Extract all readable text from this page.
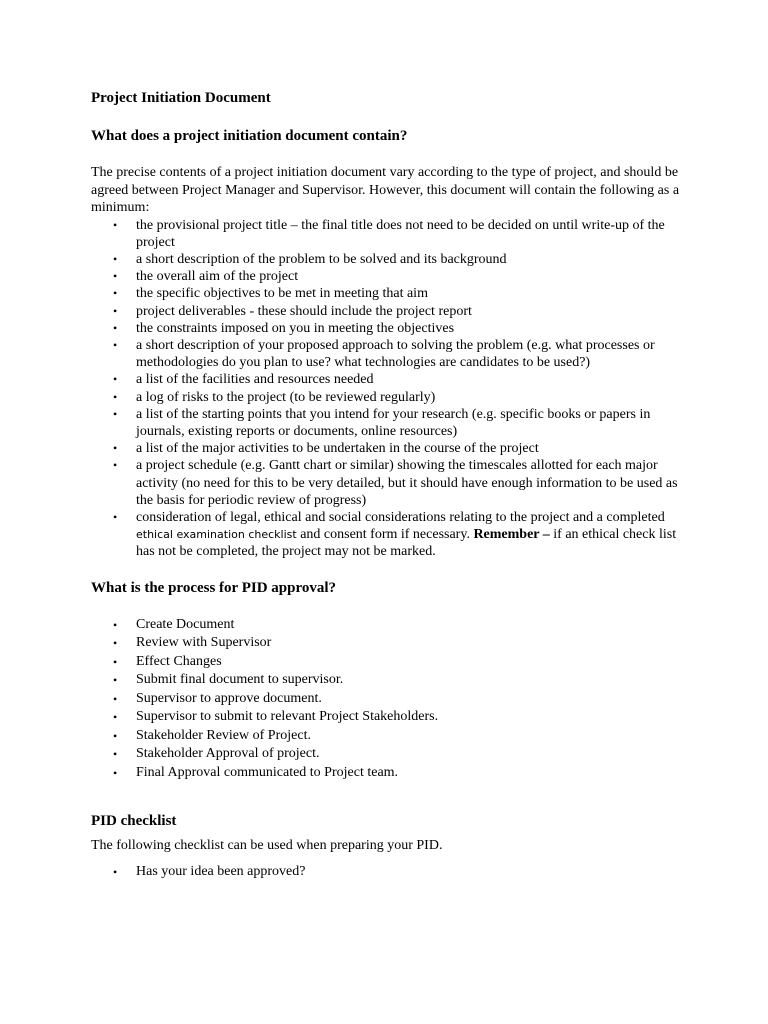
Project Initiation Document
What does a project initiation document contain?

The precise contents of a project initiation document vary according to the type of project, and should be agreed between Project Manager and Supervisor. However, this document will contain the following as a minimum:

• the provisional project title – the final title does not need to be decided on until write-up of the project
• a short description of the problem to be solved and its background
• the overall aim of the project
• the specific objectives to be met in meeting that aim
• project deliverables - these should include the project report
• the constraints imposed on you in meeting the objectives
• a short description of your proposed approach to solving the problem (e.g. what processes or methodologies do you plan to use? what technologies are candidates to be used?)
• a list of the facilities and resources needed
• a log of risks to the project (to be reviewed regularly)
• a list of the starting points that you intend for your research (e.g. specific books or papers in journals, existing reports or documents, online resources)
• a list of the major activities to be undertaken in the course of the project
• a project schedule (e.g. Gantt chart or similar) showing the timescales allotted for each major activity (no need for this to be very detailed, but it should have enough information to be used as the basis for periodic review of progress)
• consideration of legal, ethical and social considerations relating to the project and a completed ethical examination checklist and consent form if necessary. Remember – if an ethical check list has not be completed, the project may not be marked.
What is the process for PID approval?
• Create Document
• Review with Supervisor
• Effect Changes
• Submit final document to supervisor.
• Supervisor to approve document.
• Supervisor to submit to relevant Project Stakeholders.
• Stakeholder Review of Project.
• Stakeholder Approval of project.
• Final Approval communicated to Project team.
PID checklist

The following checklist can be used when preparing your PID.

• Has your idea been approved?
